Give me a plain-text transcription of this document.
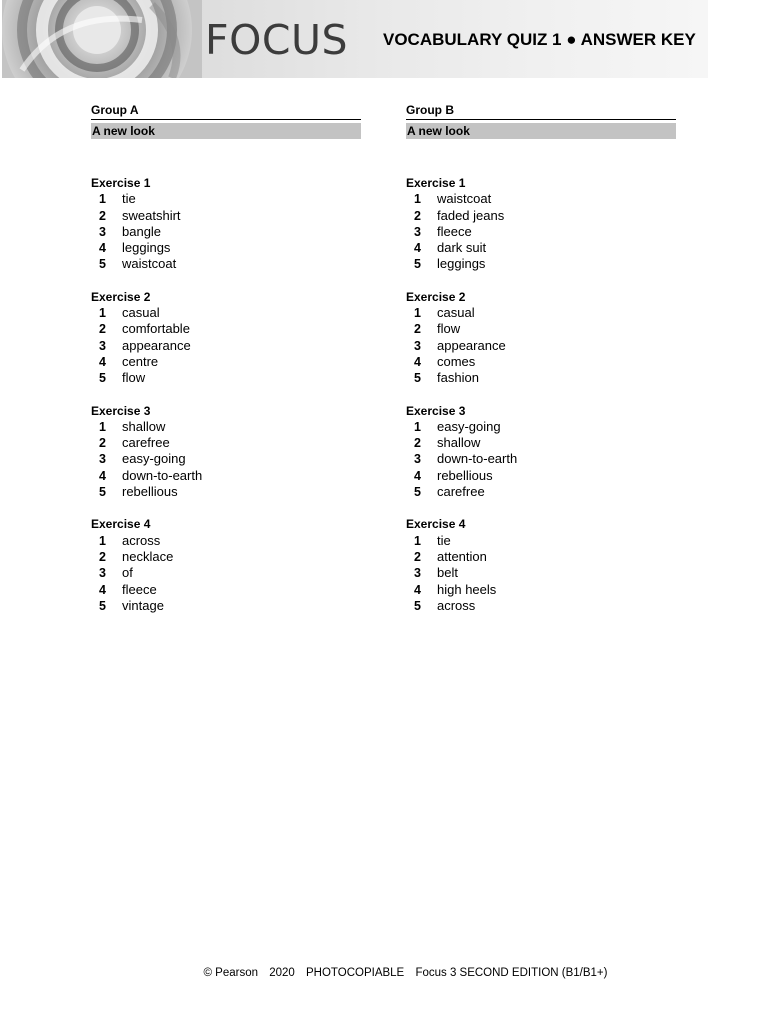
FOCUS VOCABULARY QUIZ 1 ● ANSWER KEY
Group A
A new look
Exercise 1
1	tie
2	sweatshirt
3	bangle
4	leggings
5	waistcoat
Exercise 2
1	casual
2	comfortable
3	appearance
4	centre
5	flow
Exercise 3
1	shallow
2	carefree
3	easy-going
4	down-to-earth
5	rebellious
Exercise 4
1	across
2	necklace
3	of
4	fleece
5	vintage
Group B
A new look
Exercise 1
1	waistcoat
2	faded jeans
3	fleece
4	dark suit
5	leggings
Exercise 2
1	casual
2	flow
3	appearance
4	comes
5	fashion
Exercise 3
1	easy-going
2	shallow
3	down-to-earth
4	rebellious
5	carefree
Exercise 4
1	tie
2	attention
3	belt
4	high heels
5	across
© Pearson 2020 PHOTOCOPIABLE Focus 3 SECOND EDITION (B1/B1+)
